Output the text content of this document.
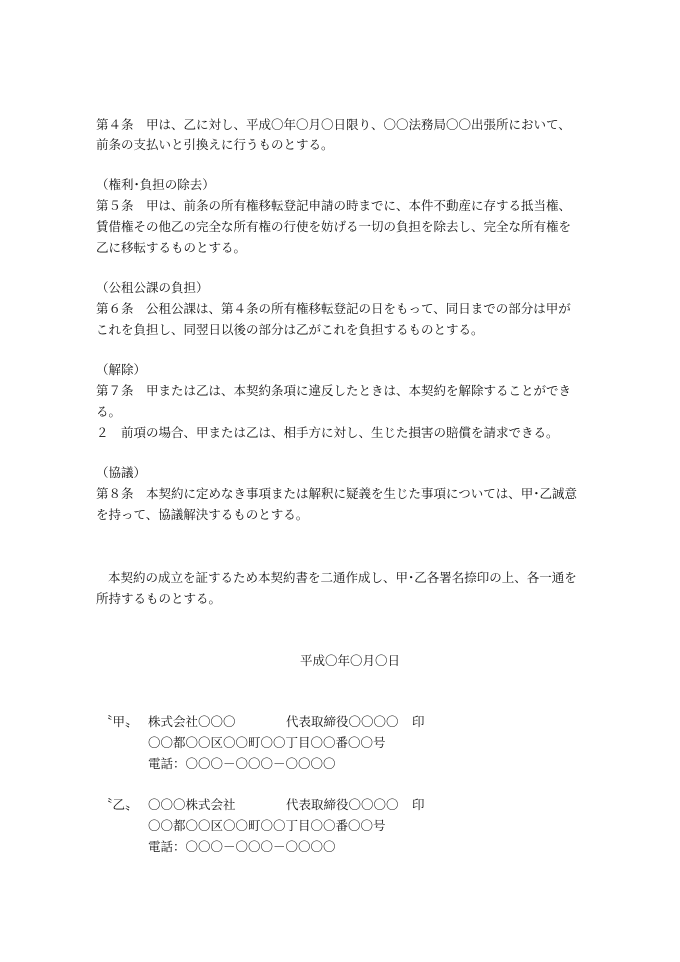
第４条　甲は、乙に対し、平成〇年〇月〇日限り、〇〇法務局〇〇出張所において、
前条の支払いと引換えに行うものとする。
（権利･負担の除去）
第５条　甲は、前条の所有権移転登記申請の時までに、本件不動産に存する抵当権、
賃借権その他乙の完全な所有権の行使を妨げる一切の負担を除去し、完全な所有権を
乙に移転するものとする。
（公租公課の負担）
第６条　公租公課は、第４条の所有権移転登記の日をもって、同日までの部分は甲が
これを負担し、同翌日以後の部分は乙がこれを負担するものとする。
（解除）
第７条　甲または乙は、本契約条項に違反したときは、本契約を解除することができ
る。
２　前項の場合、甲または乙は、相手方に対し、生じた損害の賠償を請求できる。
（協議）
第８条　本契約に定めなき事項または解釈に疑義を生じた事項については、甲･乙誠意
を持って、協議解決するものとする。
本契約の成立を証するため本契約書を二通作成し、甲･乙各署名捺印の上、各一通を
所持するものとする。
平成〇年〇月〇日
〝甲〟 株式会社〇〇〇	代表取締役〇〇〇〇 印
〇〇都〇〇区〇〇町〇〇丁目〇〇番〇〇号
電話：〇〇〇－〇〇〇－〇〇〇〇
〝乙〟 〇〇〇株式会社	代表取締役〇〇〇〇 印
〇〇都〇〇区〇〇町〇〇丁目〇〇番〇〇号
電話：〇〇〇－〇〇〇－〇〇〇〇
